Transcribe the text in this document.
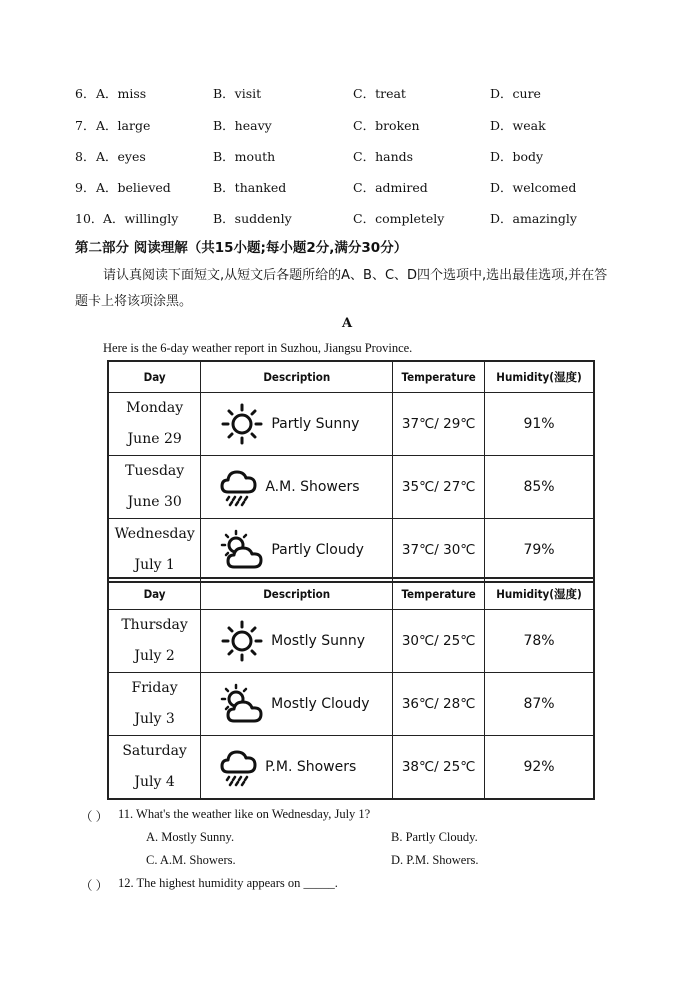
6． A．miss	B．visit	C．treat	D．cure
7． A．large	B．heavy	C．broken	D．weak
8． A．eyes	B．mouth	C．hands	D．body
9． A．believed	B．thanked	C．admired	D．welcomed
10． A．willingly	B．suddenly	C．completely	D．amazingly
第二部分 阅读理解（共15小题;每小题2分,满分30分）
请认真阅读下面短文,从短文后各题所给的A、B、C、D四个选项中,选出最佳选项,并在答题卡上将该项涂黑。
A
Here is the 6-day weather report in Suzhou, Jiangsu Province.
Day	Description	Temperature	Humidity(湿度)

Monday
June 29	Partly Sunny	37℃/ 29℃	91%

Tuesday
June 30	A.M. Showers	35℃/ 27℃	85%

Wednesday
July 1	Partly Cloudy	37℃/ 30℃	79%
Day	Description	Temperature	Humidity(湿度)

Thursday
July 2	Mostly Sunny	30℃/ 25℃	78%

Friday
July 3	Mostly Cloudy	36℃/ 28℃	87%

Saturday
July 4	P.M. Showers	38℃/ 25℃	92%
（ ） 11. What's the weather like on Wednesday, July 1?
A. Mostly Sunny.	B. Partly Cloudy.
C. A.M. Showers.	D. P.M. Showers.
（ ） 12. The highest humidity appears on _____.
